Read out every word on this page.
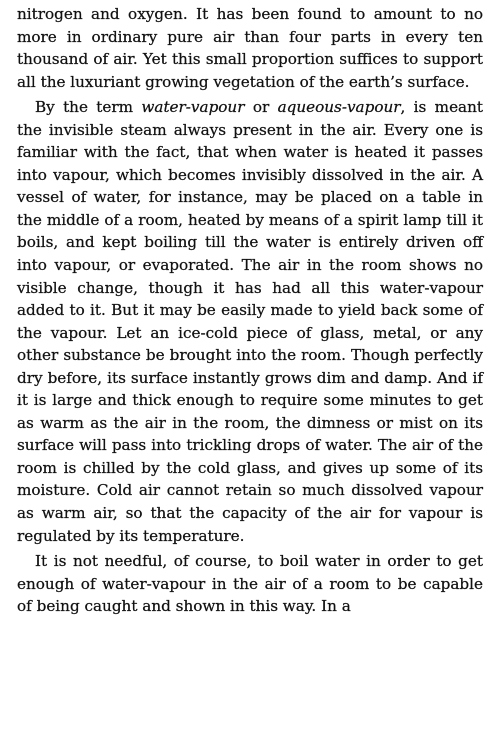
nitrogen and oxygen. It has been found to amount to no more in ordinary pure air than four parts in every ten thousand of air. Yet this small proportion suffices to support all the luxuriant growing vegetation of the earth’s surface.

By the term water-vapour or aqueous-vapour, is meant the invisible steam always present in the air. Every one is familiar with the fact, that when water is heated it passes into vapour, which becomes invisibly dissolved in the air. A vessel of water, for instance, may be placed on a table in the middle of a room, heated by means of a spirit lamp till it boils, and kept boiling till the water is entirely driven off into vapour, or evaporated. The air in the room shows no visible change, though it has had all this water-vapour added to it. But it may be easily made to yield back some of the vapour. Let an ice-cold piece of glass, metal, or any other substance be brought into the room. Though perfectly dry before, its surface instantly grows dim and damp. And if it is large and thick enough to require some minutes to get as warm as the air in the room, the dimness or mist on its surface will pass into trickling drops of water. The air of the room is chilled by the cold glass, and gives up some of its moisture. Cold air cannot retain so much dissolved vapour as warm air, so that the capacity of the air for vapour is regulated by its temperature.

It is not needful, of course, to boil water in order to get enough of water-vapour in the air of a room to be capable of being caught and shown in this way. In a
